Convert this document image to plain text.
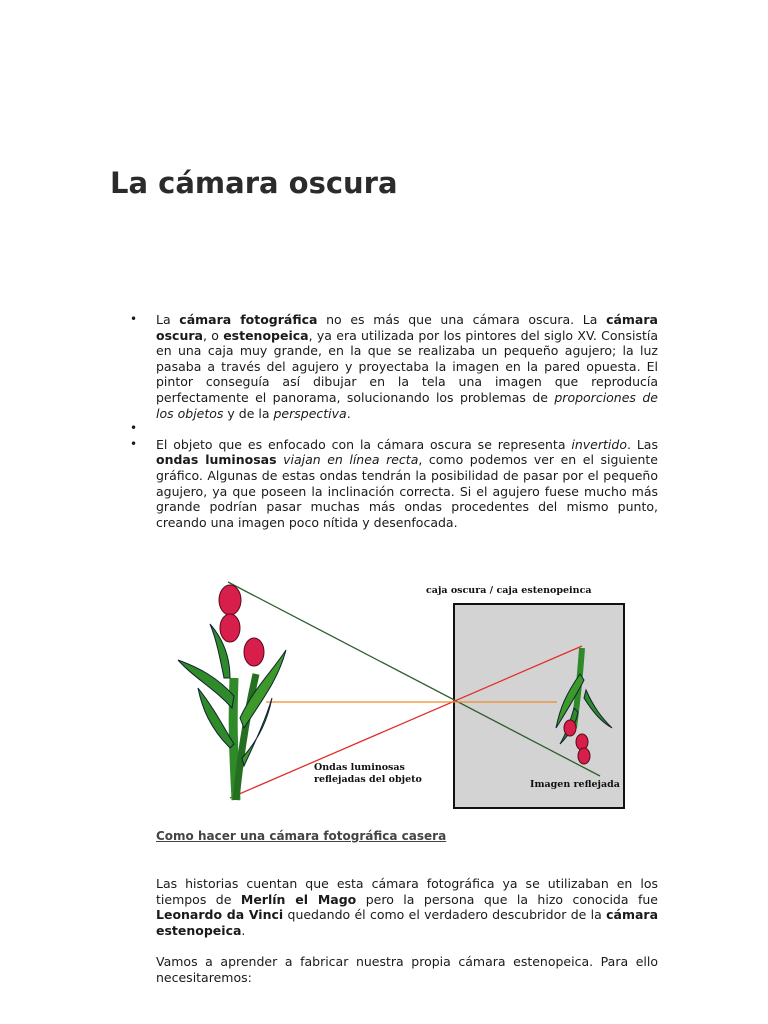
La cámara oscura
• La cámara fotográfica no es más que una cámara oscura. La cámara oscura, o estenopeica, ya era utilizada por los pintores del siglo XV. Consistía en una caja muy grande, en la que se realizaba un pequeño agujero; la luz pasaba a través del agujero y proyectaba la imagen en la pared opuesta. El pintor conseguía así dibujar en la tela una imagen que reproducía perfectamente el panorama, solucionando los problemas de proporciones de los objetos y de la perspectiva.
•
• El objeto que es enfocado con la cámara oscura se representa invertido. Las ondas luminosas viajan en línea recta, como podemos ver en el siguiente gráfico. Algunas de estas ondas tendrán la posibilidad de pasar por el pequeño agujero, ya que poseen la inclinación correcta. Si el agujero fuese mucho más grande podrían pasar muchas más ondas procedentes del mismo punto, creando una imagen poco nítida y desenfocada.
caja oscura / caja estenopeinca
Ondas luminosas
reflejadas del objeto	Imagen reflejada
Como hacer una cámara fotográfica casera

Las historias cuentan que esta cámara fotográfica ya se utilizaban en los tiempos de Merlín el Mago pero la persona que la hizo conocida fue Leonardo da Vinci quedando él como el verdadero descubridor de la cámara estenopeica.

Vamos a aprender a fabricar nuestra propia cámara estenopeica. Para ello necesitaremos:
